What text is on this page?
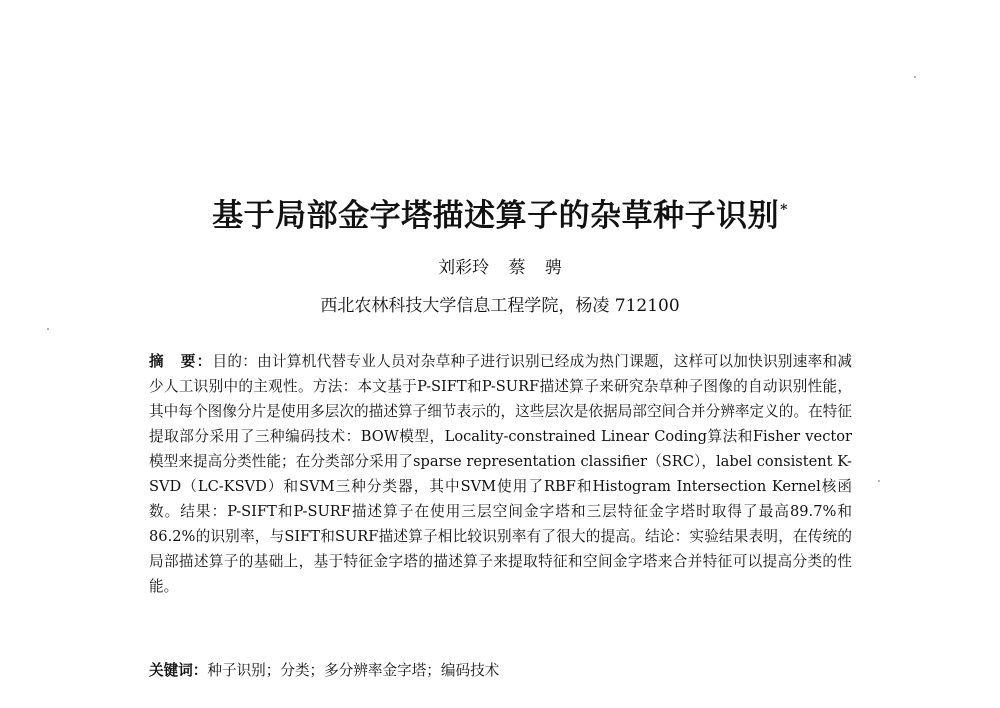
基于局部金字塔描述算子的杂草种子识别*
刘彩玲 蔡 骋
西北农林科技大学信息工程学院，杨凌 712100
摘　要：目的：由计算机代替专业人员对杂草种子进行识别已经成为热门课题，这样可以加快识别速率和减少人工识别中的主观性。方法：本文基于P-SIFT和P-SURF描述算子来研究杂草种子图像的自动识别性能，其中每个图像分片是使用多层次的描述算子细节表示的，这些层次是依据局部空间合并分辨率定义的。在特征提取部分采用了三种编码技术：BOW模型，Locality-constrained Linear Coding算法和Fisher vector模型来提高分类性能；在分类部分采用了sparse representation classifier（SRC），label consistent K-SVD（LC-KSVD）和SVM三种分类器，其中SVM使用了RBF和Histogram Intersection Kernel核函数。结果：P-SIFT和P-SURF描述算子在使用三层空间金字塔和三层特征金字塔时取得了最高89.7%和86.2%的识别率，与SIFT和SURF描述算子相比较识别率有了很大的提高。结论：实验结果表明，在传统的局部描述算子的基础上，基于特征金字塔的描述算子来提取特征和空间金字塔来合并特征可以提高分类的性能。
关键词：种子识别；分类；多分辨率金字塔；编码技术
